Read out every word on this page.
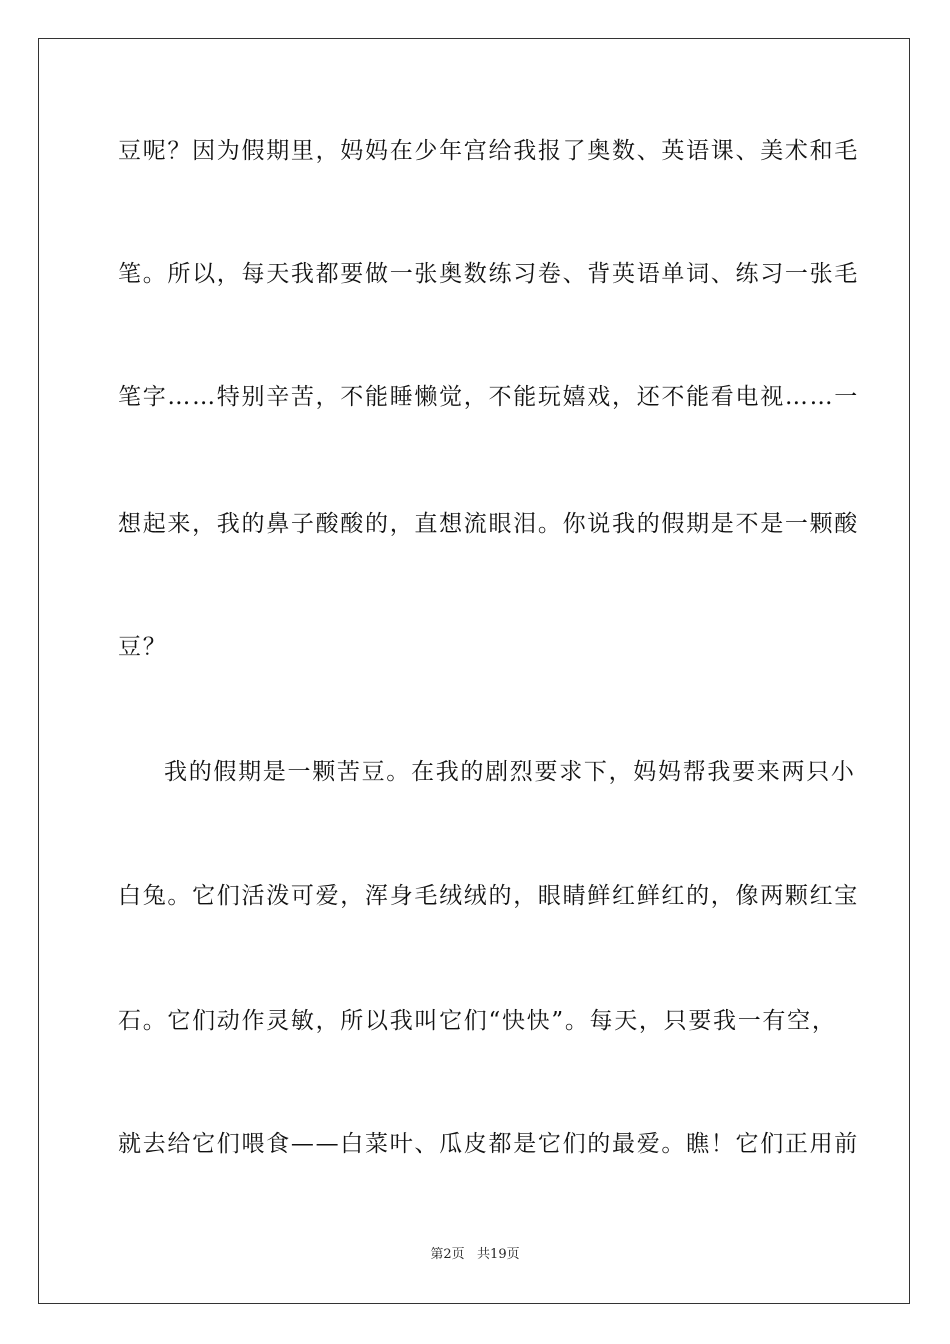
豆呢？因为假期里，妈妈在少年宫给我报了奥数、英语课、美术和毛
笔。所以，每天我都要做一张奥数练习卷、背英语单词、练习一张毛
笔字……特别辛苦，不能睡懒觉，不能玩嬉戏，还不能看电视……一
想起来，我的鼻子酸酸的，直想流眼泪。你说我的假期是不是一颗酸
豆？
我的假期是一颗苦豆。在我的剧烈要求下，妈妈帮我要来两只小
白兔。它们活泼可爱，浑身毛绒绒的，眼睛鲜红鲜红的，像两颗红宝
石。它们动作灵敏，所以我叫它们“快快”。每天，只要我一有空，
就去给它们喂食——白菜叶、瓜皮都是它们的最爱。瞧！它们正用前
第2页   共19页
